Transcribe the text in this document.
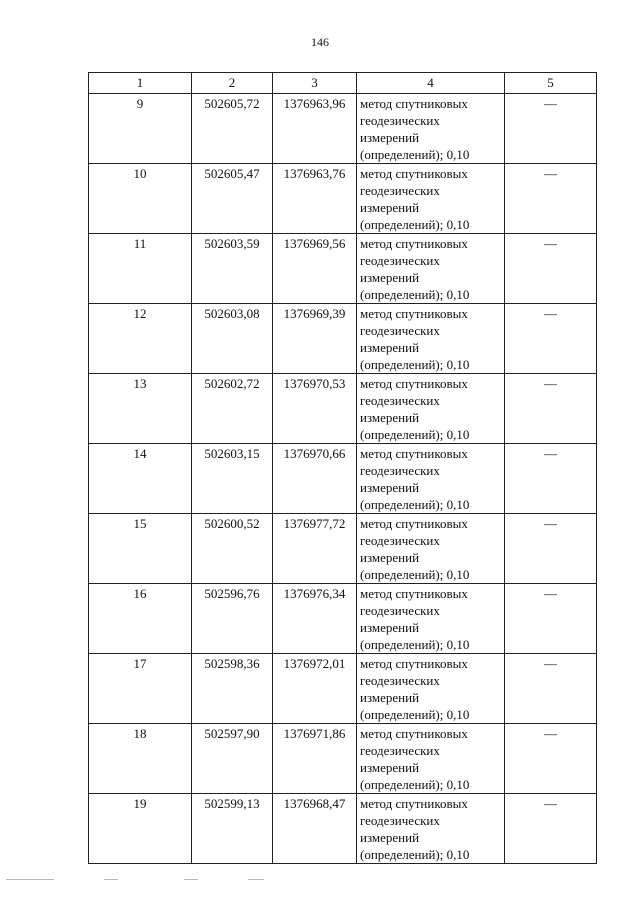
146
1	2	3	4	5
9	502605,72	1376963,96	метод спутниковых
геодезических
измерений
(определений); 0,10	—
10	502605,47	1376963,76	метод спутниковых
геодезических
измерений
(определений); 0,10	—
11	502603,59	1376969,56	метод спутниковых
геодезических
измерений
(определений); 0,10	—
12	502603,08	1376969,39	метод спутниковых
геодезических
измерений
(определений); 0,10	—
13	502602,72	1376970,53	метод спутниковых
геодезических
измерений
(определений); 0,10	—
14	502603,15	1376970,66	метод спутниковых
геодезических
измерений
(определений); 0,10	—
15	502600,52	1376977,72	метод спутниковых
геодезических
измерений
(определений); 0,10	—
16	502596,76	1376976,34	метод спутниковых
геодезических
измерений
(определений); 0,10	—
17	502598,36	1376972,01	метод спутниковых
геодезических
измерений
(определений); 0,10	—
18	502597,90	1376971,86	метод спутниковых
геодезических
измерений
(определений); 0,10	—
19	502599,13	1376968,47	метод спутниковых
геодезических
измерений
(определений); 0,10	—
